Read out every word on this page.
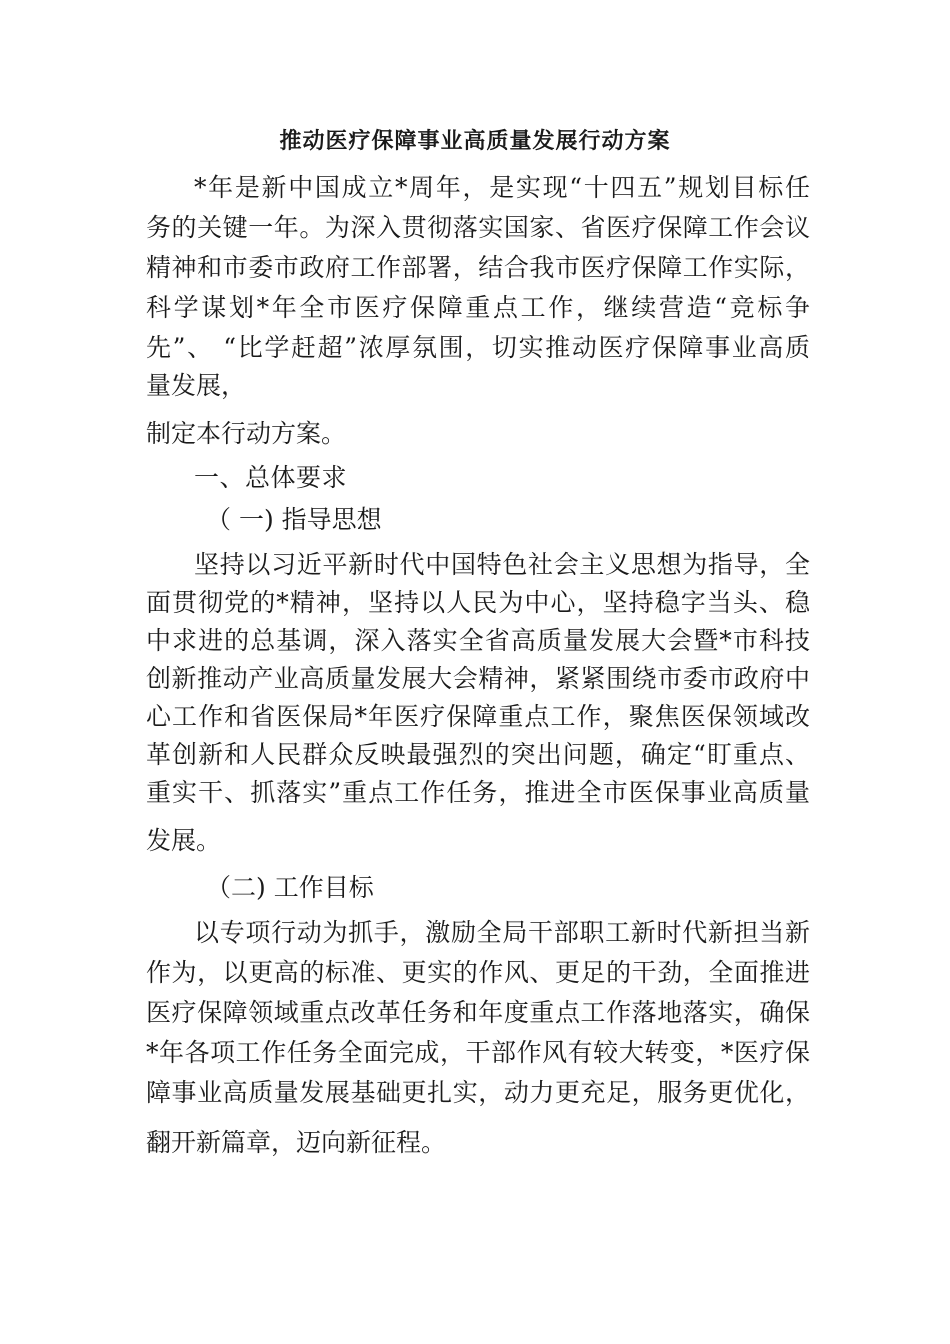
推动医疗保障事业高质量发展行动方案

*年是新中国成立*周年，是实现“十四五”规划目标任

务的关键一年。为深入贯彻落实国家、省医疗保障工作会议

精神和市委市政府工作部署，结合我市医疗保障工作实际，

科学谋划*年全市医疗保障重点工作，继续营造“竞标争

先”、 “比学赶超”浓厚氛围，切实推动医疗保障事业高质

量发展，

制定本行动方案。

一、总体要求

（ 一) 指导思想

坚持以习近平新时代中国特色社会主义思想为指导，全

面贯彻党的*精神，坚持以人民为中心，坚持稳字当头、稳

中求进的总基调，深入落实全省高质量发展大会暨*市科技

创新推动产业高质量发展大会精神，紧紧围绕市委市政府中

心工作和省医保局*年医疗保障重点工作，聚焦医保领域改

革创新和人民群众反映最强烈的突出问题，确定“盯重点、

重实干、抓落实”重点工作任务，推进全市医保事业高质量

发展。

（二) 工作目标

以专项行动为抓手，激励全局干部职工新时代新担当新

作为，以更高的标准、更实的作风、更足的干劲，全面推进

医疗保障领域重点改革任务和年度重点工作落地落实，确保

*年各项工作任务全面完成，干部作风有较大转变，*医疗保

障事业高质量发展基础更扎实，动力更充足，服务更优化，

翻开新篇章，迈向新征程。
